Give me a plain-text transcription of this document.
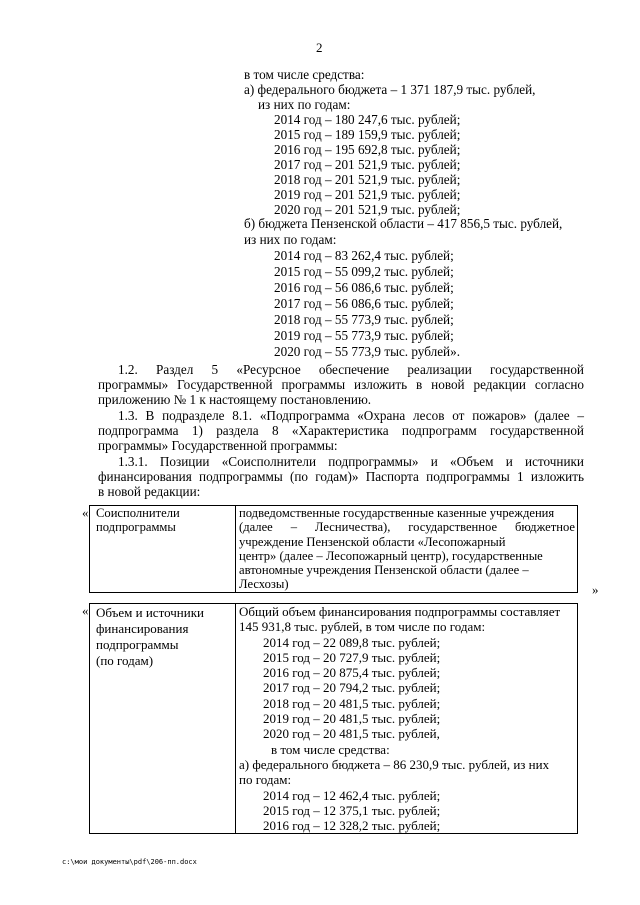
2
в том числе средства:
а) федерального бюджета – 1 371 187,9 тыс. рублей,
из них по годам:
2014 год – 180 247,6 тыс. рублей;
2015 год – 189 159,9 тыс. рублей;
2016 год – 195 692,8 тыс. рублей;
2017 год – 201 521,9 тыс. рублей;
2018 год – 201 521,9 тыс. рублей;
2019 год – 201 521,9 тыс. рублей;
2020 год – 201 521,9 тыс. рублей;
б) бюджета Пензенской области – 417 856,5 тыс. рублей,
из них по годам:
2014 год – 83 262,4 тыс. рублей;
2015 год – 55 099,2 тыс. рублей;
2016 год – 56 086,6 тыс. рублей;
2017 год – 56 086,6 тыс. рублей;
2018 год – 55 773,9 тыс. рублей;
2019 год – 55 773,9 тыс. рублей;
2020 год – 55 773,9 тыс. рублей».
1.2. Раздел 5 «Ресурсное обеспечение реализации государственной
программы» Государственной программы изложить в новой редакции согласно
приложению № 1 к настоящему постановлению.
1.3. В подразделе 8.1. «Подпрограмма «Охрана лесов от пожаров» (далее –
подпрограмма 1) раздела 8 «Характеристика подпрограмм государственной
программы» Государственной программы:
1.3.1. Позиции «Соисполнители подпрограммы» и «Объем и источники
финансирования подпрограммы (по годам)» Паспорта подпрограммы 1 изложить
в новой редакции:
« Соисполнители
подпрограммы

подведомственные государственные казенные учреждения
(далее – Лесничества), государственное бюджетное
учреждение Пензенской области «Лесопожарный
центр» (далее – Лесопожарный центр), государственные
автономные учреждения Пензенской области (далее –
Лесхозы)	»
« Объем и источники
финансирования
подпрограммы
(по годам)

Общий объем финансирования подпрограммы составляет
145 931,8 тыс. рублей, в том числе по годам:
2014 год – 22 089,8 тыс. рублей;
2015 год – 20 727,9 тыс. рублей;
2016 год – 20 875,4 тыс. рублей;
2017 год – 20 794,2 тыс. рублей;
2018 год – 20 481,5 тыс. рублей;
2019 год – 20 481,5 тыс. рублей;
2020 год – 20 481,5 тыс. рублей,
в том числе средства:
а) федерального бюджета – 86 230,9 тыс. рублей, из них
по годам:
2014 год – 12 462,4 тыс. рублей;
2015 год – 12 375,1 тыс. рублей;
2016 год – 12 328,2 тыс. рублей;
c:\мои документы\pdf\206-пп.docx
